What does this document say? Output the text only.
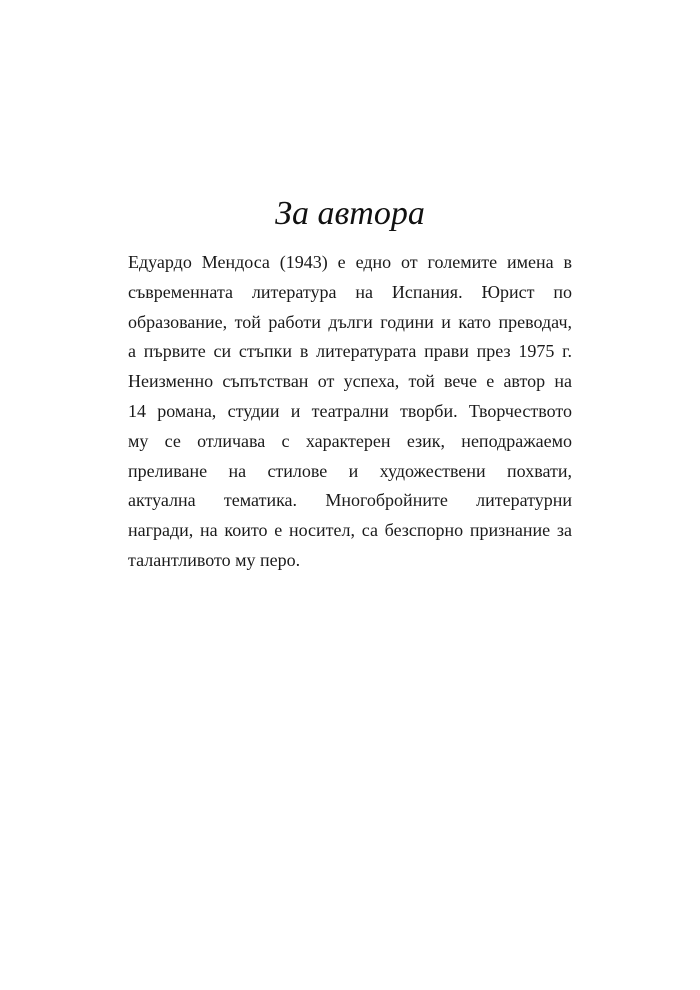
За автора
Едуардо Мендоса (1943) е едно от големите имена в
съвременната литература на Испания. Юрист по
образование, той работи дълги години и като преводач,
а първите си стъпки в литературата прави през 1975 г.
Неизменно съпътстван от успеха, той вече е автор на
14 романа, студии и театрални творби. Творчеството
му се отличава с характерен език, неподражаемо
преливане на стилове и художествени похвати,
актуална тематика. Многобройните литературни
награди, на които е носител, са безспорно признание за
талантливото му перо.
